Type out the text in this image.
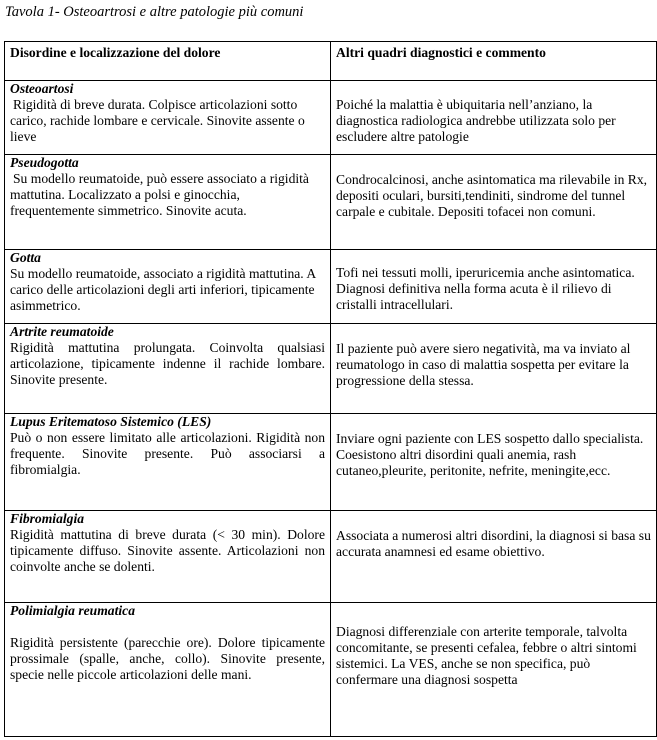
Tavola 1- Osteoartrosi e altre patologie più comuni
Disordine e localizzazione del dolore	Altri quadri diagnostici e commento

Osteoartosi
Rigidità di breve durata. Colpisce articolazioni sotto carico, rachide lombare e cervicale. Sinovite assente o lieve	Poiché la malattia è ubiquitaria nell’anziano, la diagnostica radiologica andrebbe utilizzata solo per escludere altre patologie

Pseudogotta
Su modello reumatoide, può essere associato a rigidità mattutina. Localizzato a polsi e ginocchia, frequentemente simmetrico. Sinovite acuta.	Condrocalcinosi, anche asintomatica ma rilevabile in Rx, depositi oculari, bursiti,tendiniti, sindrome del tunnel carpale e cubitale. Depositi tofacei non comuni.

Gotta
Su modello reumatoide, associato a rigidità mattutina. A carico delle articolazioni degli arti inferiori, tipicamente asimmetrico.	Tofi nei tessuti molli, iperuricemia anche asintomatica. Diagnosi definitiva nella forma acuta è il rilievo di cristalli intracellulari.

Artrite reumatoide
Rigidità mattutina prolungata. Coinvolta qualsiasi articolazione, tipicamente indenne il rachide lombare. Sinovite presente.	Il paziente può avere siero negatività, ma va inviato al reumatologo in caso di malattia sospetta per evitare la progressione della stessa.

Lupus Eritematoso Sistemico (LES)
Può o non essere limitato alle articolazioni. Rigidità non frequente. Sinovite presente. Può associarsi a fibromialgia.	Inviare ogni paziente con LES sospetto dallo specialista. Coesistono altri disordini quali anemia, rash cutaneo,pleurite, peritonite, nefrite, meningite,ecc.

Fibromialgia
Rigidità mattutina di breve durata (< 30 min). Dolore tipicamente diffuso. Sinovite assente. Articolazioni non coinvolte anche se dolenti.	Associata a numerosi altri disordini, la diagnosi si basa su accurata anamnesi ed esame obiettivo.

Polimialgia reumatica
Rigidità persistente (parecchie ore). Dolore tipicamente prossimale (spalle, anche, collo). Sinovite presente, specie nelle piccole articolazioni delle mani.	Diagnosi differenziale con arterite temporale, talvolta concomitante, se presenti cefalea, febbre o altri sintomi sistemici. La VES, anche se non specifica, può confermare una diagnosi sospetta
